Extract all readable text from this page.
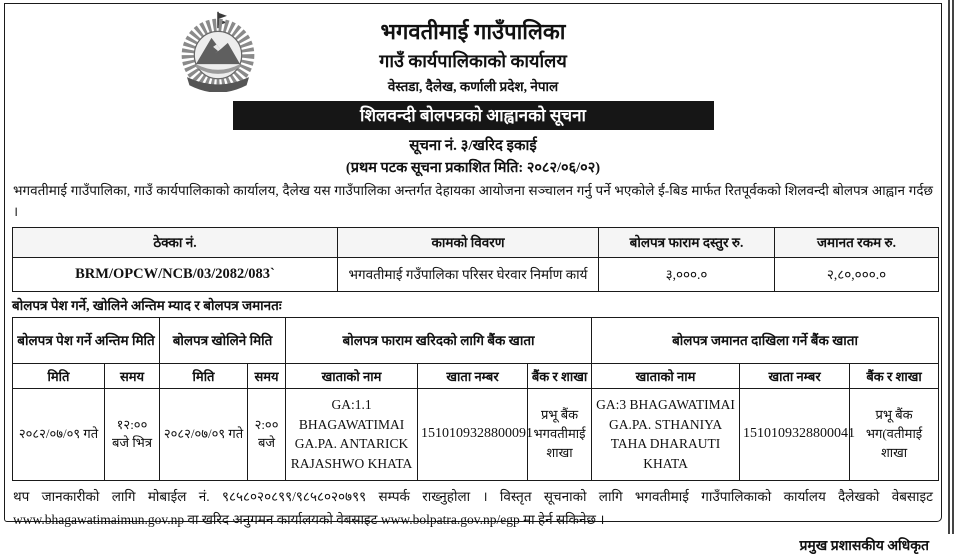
भगवतीमाई गाउँपालिका
गाउँ कार्यपालिकाको कार्यालय
वेस्तडा, दैलेख, कर्णाली प्रदेश, नेपाल
शिलवन्दी बोलपत्रको आह्वानको सूचना
सूचना नं. ३/खरिद इकाई
(प्रथम पटक सूचना प्रकाशित मिति: २०८२/०६/०२)

भगवतीमाई गाउँपालिका, गाउँ कार्यपालिकाको कार्यालय, दैलेख यस गाउँपालिका अन्तर्गत देहायका आयोजना सञ्चालन गर्नु पर्ने भएकोले ई-बिड मार्फत रितपूर्वकको शिलवन्दी बोलपत्र आह्वान गर्दछ ।

ठेक्का नं.	कामको विवरण	बोलपत्र फाराम दस्तुर रु.	जमानत रकम रु.
BRM/OPCW/NCB/03/2082/083`	भगवतीमाई गउँपालिका परिसर घेरवार निर्माण कार्य	३,०००.०	२,८०,०००.०
बोलपत्र पेश गर्ने, खोलिने अन्तिम म्याद र बोलपत्र जमानतः
बोलपत्र पेश गर्ने अन्तिम मिति		बोलपत्र खोलिने मिति		बोलपत्र फाराम खरिदको लागि बैंक खाता			बोलपत्र जमानत दाखिला गर्ने बैंक खाता		
मिति	समय	मिति	समय	खाताको नाम	खाता नम्बर	बैंक र शाखा	खाताको नाम	खाता नम्बर	बैंक र शाखा
२०८२/०७/०९ गते	१२:०० बजे भित्र	२०८२/०७/०९ गते	२:०० बजे	GA:1.1 BHAGAWATIMAI GA.PA. ANTARICK RAJASHWO KHATA	1510109328800091	प्रभू बैंक भगवतीमाई शाखा	GA:3 BHAGAWATIMAI GA.PA. STHANIYA TAHA DHARAUTI KHATA	1510109328800041	प्रभू बैंक भग(वतीमाई शाखा

थप जानकारीको लागि मोबाईल नं. ९८५८०२०८९९/९८५८०२०७९९ सम्पर्क राख्नुहोला । विस्तृत सूचनाको लागि भगवतीमाई गाउँपालिकाको कार्यालय दैलेखको वेबसाइट www.bhagawatimaimun.gov.np वा खरिद अनुगमन कार्यालयको वेबसाइट www.bolpatra.gov.np/egp मा हेर्न सकिनेछ ।

प्रमुख प्रशासकीय अधिकृत
